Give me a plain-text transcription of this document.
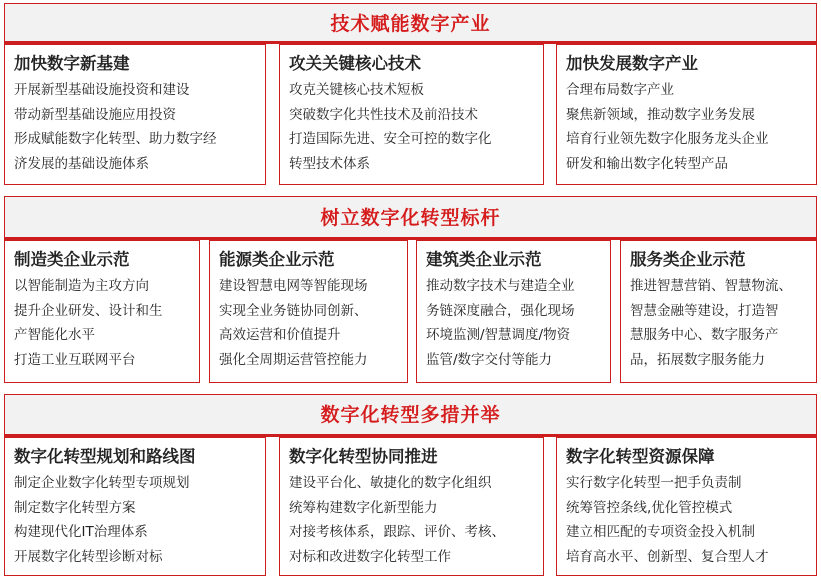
技术赋能数字产业
加快数字新基建
开展新型基础设施投资和建设
带动新型基础设施应用投资
形成赋能数字化转型、助力数字经
济发展的基础设施体系
攻关关键核心技术
攻克关键核心技术短板
突破数字化共性技术及前沿技术
打造国际先进、安全可控的数字化
转型技术体系
加快发展数字产业
合理布局数字产业
聚焦新领域，推动数字业务发展
培育行业领先数字化服务龙头企业
研发和输出数字化转型产品
树立数字化转型标杆
制造类企业示范
以智能制造为主攻方向
提升企业研发、设计和生
产智能化水平
打造工业互联网平台
能源类企业示范
建设智慧电网等智能现场
实现全业务链协同创新、
高效运营和价值提升
强化全周期运营管控能力
建筑类企业示范
推动数字技术与建造全业
务链深度融合，强化现场
环境监测/智慧调度/物资
监管/数字交付等能力
服务类企业示范
推进智慧营销、智慧物流、
智慧金融等建设，打造智
慧服务中心、数字服务产
品，拓展数字服务能力
数字化转型多措并举
数字化转型规划和路线图
制定企业数字化转型专项规划
制定数字化转型方案
构建现代化IT治理体系
开展数字化转型诊断对标
数字化转型协同推进
建设平台化、敏捷化的数字化组织
统筹构建数字化新型能力
对接考核体系，跟踪、评价、考核、
对标和改进数字化转型工作
数字化转型资源保障
实行数字化转型一把手负责制
统筹管控条线,优化管控模式
建立相匹配的专项资金投入机制
培育高水平、创新型、复合型人才
